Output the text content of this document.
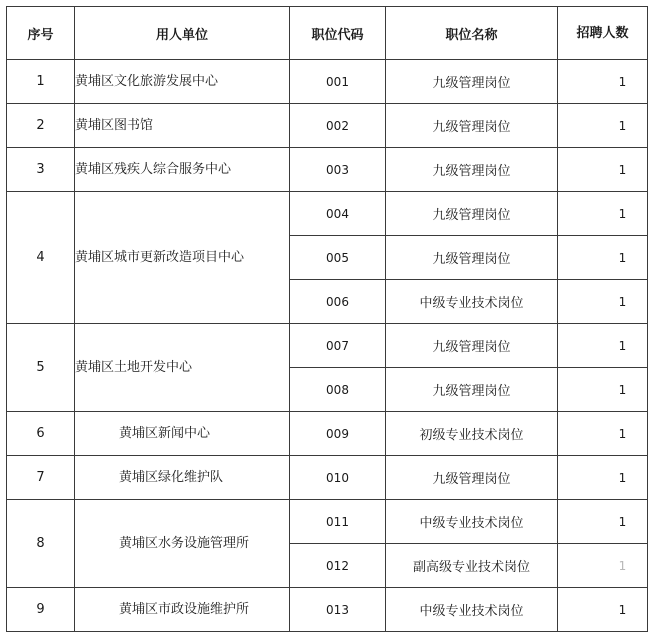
序号	用人单位	职位代码	职位名称	招聘人数
1	黄埔区文化旅游发展中心	001	九级管理岗位	1
2	黄埔区图书馆	002	九级管理岗位	1
3	黄埔区残疾人综合服务中心	003	九级管理岗位	1
4	黄埔区城市更新改造项目中心	004	九级管理岗位	1
		005	九级管理岗位	1
		006	中级专业技术岗位	1
5	黄埔区土地开发中心	007	九级管理岗位	1
		008	九级管理岗位	1
6	黄埔区新闻中心	009	初级专业技术岗位	1
7	黄埔区绿化维护队	010	九级管理岗位	1
8	黄埔区水务设施管理所	011	中级专业技术岗位	1
		012	副高级专业技术岗位	1
9	黄埔区市政设施维护所	013	中级专业技术岗位	1
